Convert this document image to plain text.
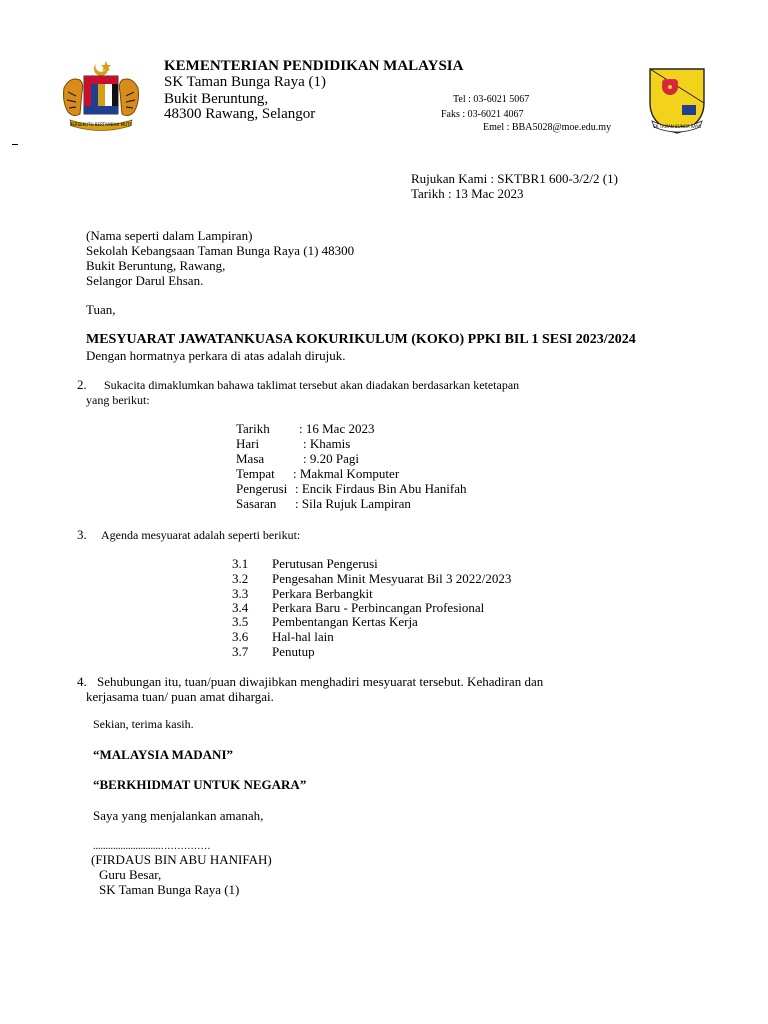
BERSEKUTU BERTAMBAH MUTU
KEMENTERIAN PENDIDIKAN MALAYSIA
SK Taman Bunga Raya (1)
Bukit Beruntung,
48300 Rawang, Selangor
Tel : 03-6021 5067
Faks : 03-6021 4067
Emel : BBA5028@moe.edu.my	SK TAMAN BUNGA RAYA
Rujukan Kami : SKTBR1 600-3/2/2 (1)
Tarikh : 13 Mac 2023
(Nama seperti dalam Lampiran)
Sekolah Kebangsaan Taman Bunga Raya (1) 48300
Bukit Beruntung, Rawang,
Selangor Darul Ehsan.
Tuan,
MESYUARAT JAWATANKUASA KOKURIKULUM (KOKO) PPKI BIL 1 SESI 2023/2024
Dengan hormatnya perkara di atas adalah dirujuk.
2. Sukacita dimaklumkan bahawa taklimat tersebut akan diadakan berdasarkan ketetapan
yang berikut:
Tarikh : 16 Mac 2023
Hari	: Khamis
Masa	: 9.20 Pagi
Tempat : Makmal Komputer
Pengerusi : Encik Firdaus Bin Abu Hanifah
Sasaran : Sila Rujuk Lampiran
3. Agenda mesyuarat adalah seperti berikut:
3.1 Perutusan Pengerusi
3.2 Pengesahan Minit Mesyuarat Bil 3 2022/2023
3.3 Perkara Berbangkit
3.4 Perkara Baru - Perbincangan Profesional
3.5 Pembentangan Kertas Kerja
3.6 Hal-hal lain
3.7 Penutup
4. Sehubungan itu, tuan/puan diwajibkan menghadiri mesyuarat tersebut. Kehadiran dan
kerjasama tuan/ puan amat dihargai.
Sekian, terima kasih.
“MALAYSIA MADANI”
“BERKHIDMAT UNTUK NEGARA”
Saya yang menjalankan amanah,
...........................……………
(FIRDAUS BIN ABU HANIFAH)
Guru Besar,
SK Taman Bunga Raya (1)
